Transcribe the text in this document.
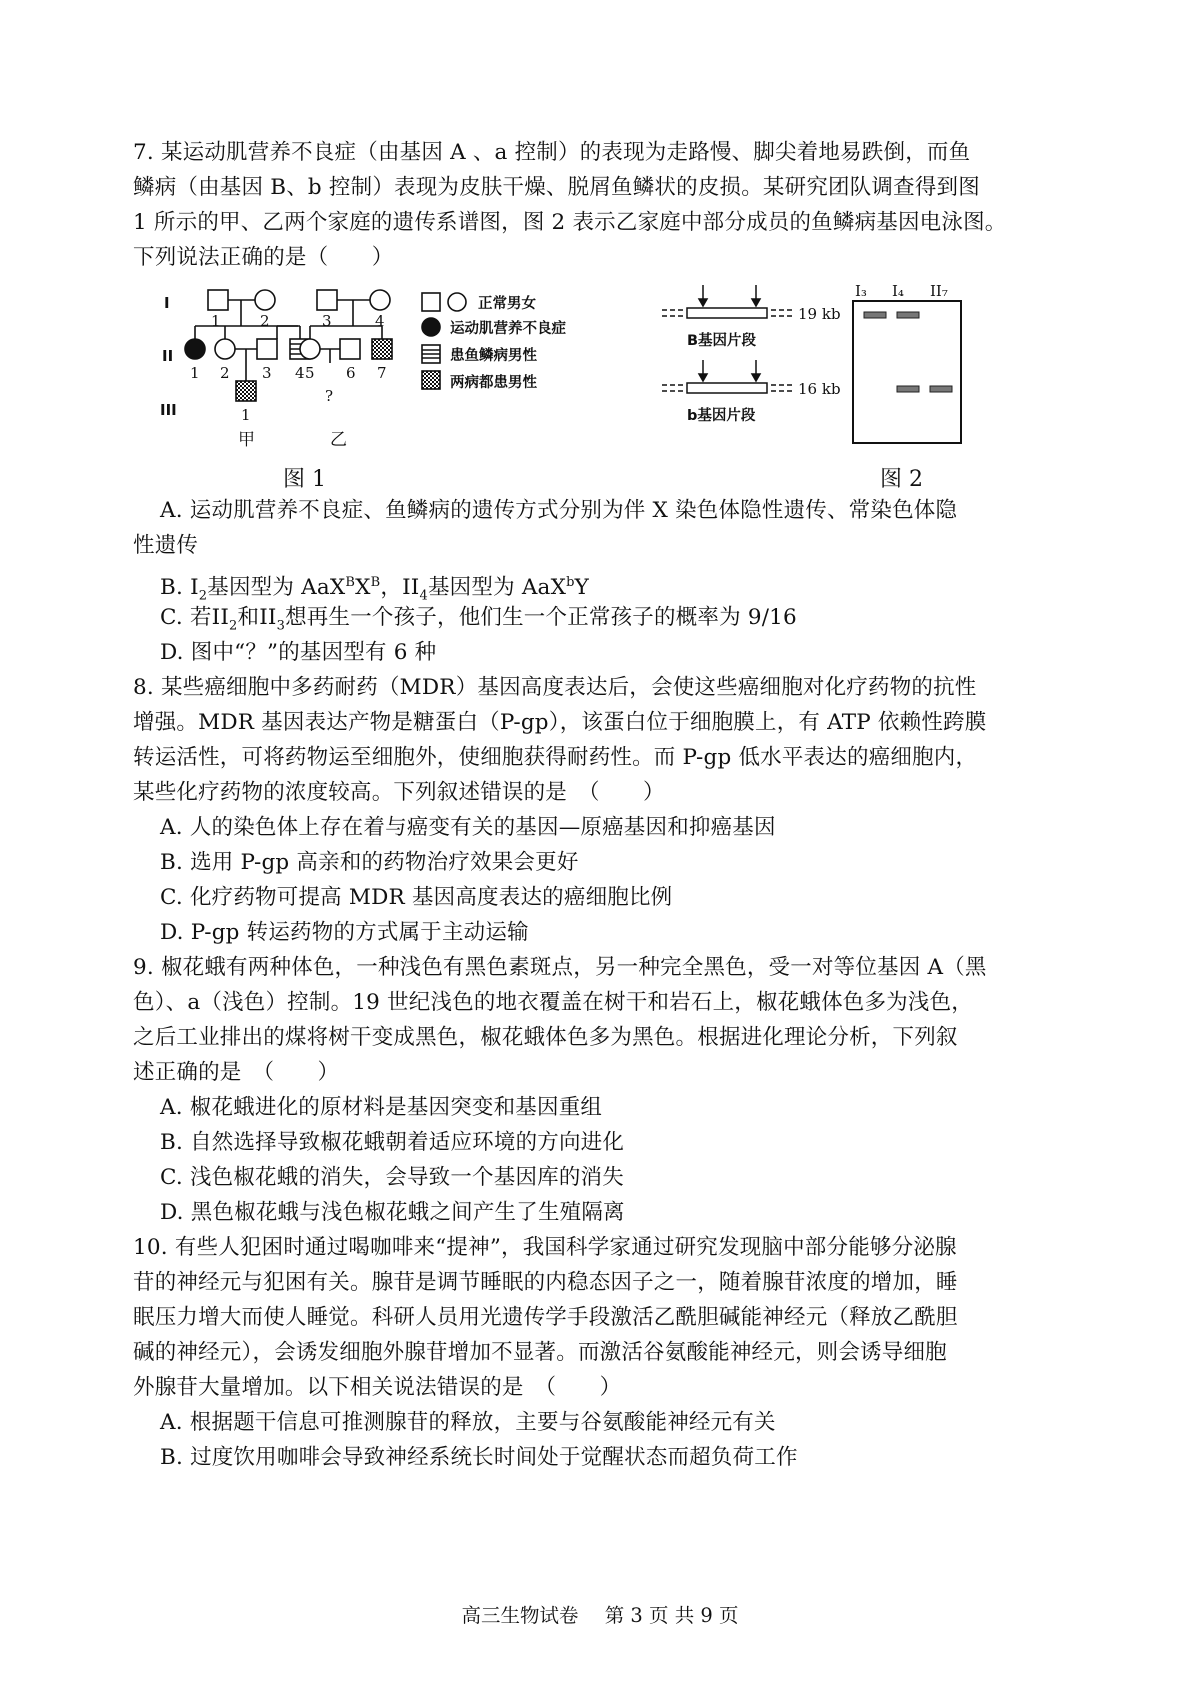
7. 某运动肌营养不良症（由基因 A 、a 控制）的表现为走路慢、脚尖着地易跌倒，而鱼
鳞病（由基因 B、b 控制）表现为皮肤干燥、脱屑鱼鳞状的皮损。某研究团队调查得到图
1 所示的甲、乙两个家庭的遗传系谱图，图 2 表示乙家庭中部分成员的鱼鳞病基因电泳图。
下列说法正确的是（　　）
I
II
III
1	2
1 2 3 4
1
甲
3	4
5 6 7
?
乙
正常男女
运动肌营养不良症
患鱼鳞病男性
两病都患男性
19 kb
B基因片段
16 kb
b基因片段
I₃ I₄ II₇
图 1	图 2
A. 运动肌营养不良症、鱼鳞病的遗传方式分别为伴 X 染色体隐性遗传、常染色体隐
性遗传
B. $I_2$基因型为 $AaX^BX^B$，$II_4$基因型为 AaX$^b$Y
C. 若$II_2$和$II_3$想再生一个孩子，他们生一个正常孩子的概率为 9/16
D. 图中“？”的基因型有 6 种
8. 某些癌细胞中多药耐药（MDR）基因高度表达后，会使这些癌细胞对化疗药物的抗性
增强。MDR 基因表达产物是糖蛋白（P-gp），该蛋白位于细胞膜上，有 ATP 依赖性跨膜
转运活性，可将药物运至细胞外，使细胞获得耐药性。而 P-gp 低水平表达的癌细胞内，
某些化疗药物的浓度较高。下列叙述错误的是　（　　）
A. 人的染色体上存在着与癌变有关的基因—原癌基因和抑癌基因
B. 选用 P-gp 高亲和的药物治疗效果会更好
C. 化疗药物可提高 MDR 基因高度表达的癌细胞比例
D. P-gp 转运药物的方式属于主动运输
9. 椒花蛾有两种体色，一种浅色有黑色素斑点，另一种完全黑色，受一对等位基因 A（黑
色）、a（浅色）控制。19 世纪浅色的地衣覆盖在树干和岩石上，椒花蛾体色多为浅色，
之后工业排出的煤将树干变成黑色，椒花蛾体色多为黑色。根据进化理论分析，下列叙
述正确的是　（　　）
A. 椒花蛾进化的原材料是基因突变和基因重组
B. 自然选择导致椒花蛾朝着适应环境的方向进化
C. 浅色椒花蛾的消失，会导致一个基因库的消失
D. 黑色椒花蛾与浅色椒花蛾之间产生了生殖隔离
10. 有些人犯困时通过喝咖啡来“提神”，我国科学家通过研究发现脑中部分能够分泌腺
苷的神经元与犯困有关。腺苷是调节睡眠的内稳态因子之一，随着腺苷浓度的增加，睡
眠压力增大而使人睡觉。科研人员用光遗传学手段激活乙酰胆碱能神经元（释放乙酰胆
碱的神经元），会诱发细胞外腺苷增加不显著。而激活谷氨酸能神经元，则会诱导细胞
外腺苷大量增加。以下相关说法错误的是　（　　）
A. 根据题干信息可推测腺苷的释放，主要与谷氨酸能神经元有关
B. 过度饮用咖啡会导致神经系统长时间处于觉醒状态而超负荷工作
高三生物试卷 第 3 页 共 9 页
